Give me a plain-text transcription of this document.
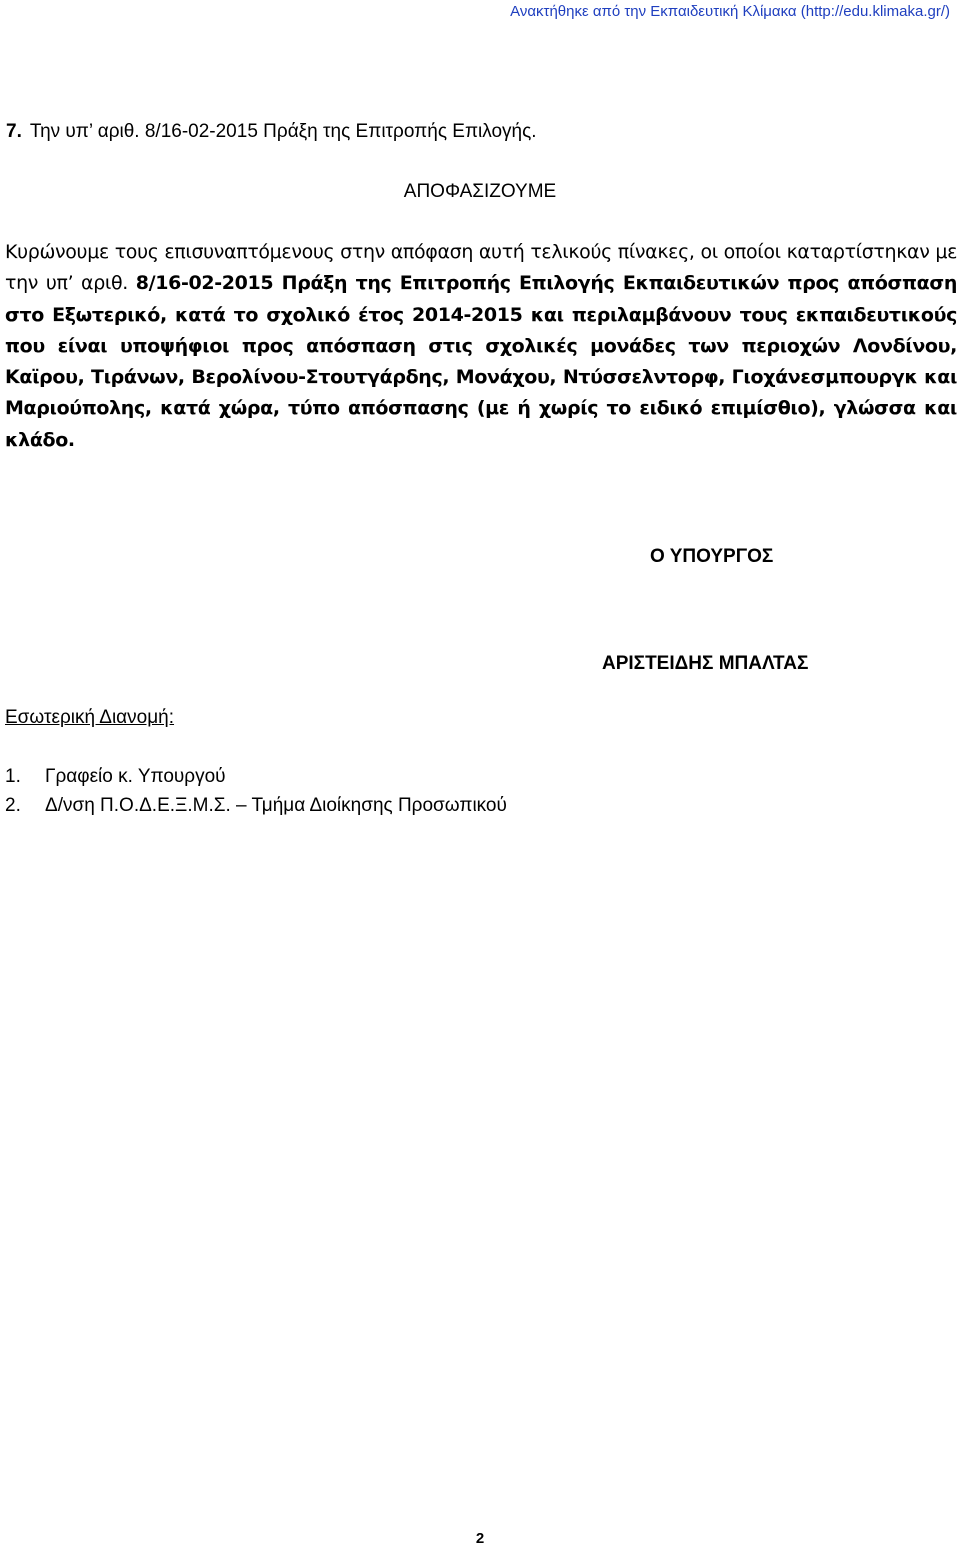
Ανακτήθηκε από την Εκπαιδευτική Κλίμακα (http://edu.klimaka.gr/)
7. Την υπ’ αριθ. 8/16-02-2015 Πράξη της Επιτροπής Επιλογής.
ΑΠΟΦΑΣΙΖΟΥΜΕ
Κυρώνουμε τους επισυναπτόμενους στην απόφαση αυτή τελικούς πίνακες, οι οποίοι καταρτίστηκαν με την υπ’ αριθ. 8/16-02-2015 Πράξη της Επιτροπής Επιλογής Εκπαιδευτικών προς απόσπαση στο Εξωτερικό, κατά το σχολικό έτος 2014-2015 και περιλαμβάνουν τους εκπαιδευτικούς που είναι υποψήφιοι προς απόσπαση στις σχολικές μονάδες των περιοχών Λονδίνου, Καϊρου, Τιράνων, Βερολίνου-Στουτγάρδης, Μονάχου, Ντύσσελντορφ, Γιοχάνεσμπουργκ και Μαριούπολης, κατά χώρα, τύπο απόσπασης (με ή χωρίς το ειδικό επιμίσθιο), γλώσσα και κλάδο.
Ο ΥΠΟΥΡΓΟΣ
ΑΡΙΣΤΕΙΔΗΣ ΜΠΑΛΤΑΣ
Εσωτερική Διανομή:
1. Γραφείο κ. Υπουργού
2. Δ/νση Π.Ο.Δ.Ε.Ξ.Μ.Σ. – Τμήμα Διοίκησης Προσωπικού
2
